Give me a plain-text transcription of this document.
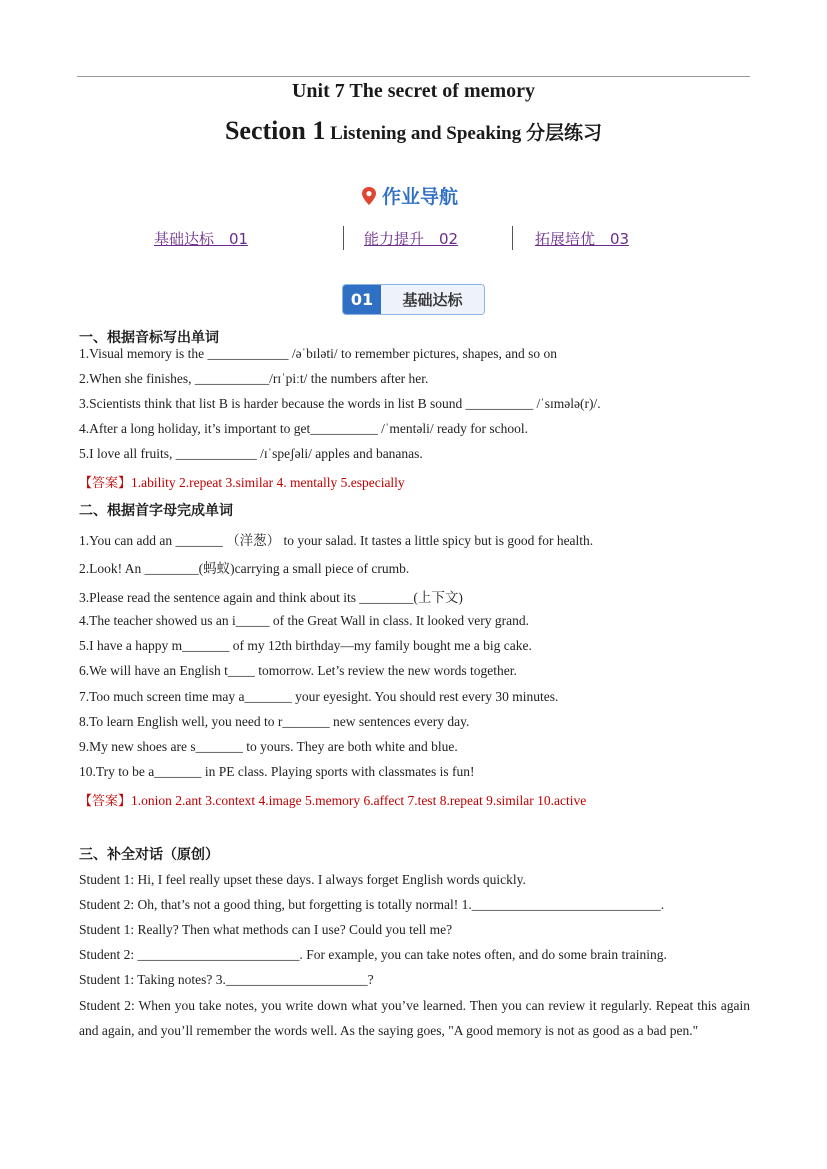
Unit 7 The secret of memory
Section 1 Listening and Speaking 分层练习
作业导航
基础达标　01	能力提升　02	拓展培优　03
01	基础达标
一、根据音标写出单词
1.Visual memory is the ____________ /əˈbɪləti/ to remember pictures, shapes, and so on
2.When she finishes, ___________/rɪˈpiːt/ the numbers after her.
3.Scientists think that list B is harder because the words in list B sound __________ /ˈsɪmələ(r)/.
4.After a long holiday, it’s important to get__________ /ˈmentəli/ ready for school.
5.I love all fruits, ____________ /ɪˈspeʃəli/ apples and bananas.
【答案】1.ability 2.repeat 3.similar 4. mentally 5.especially
二、根据首字母完成单词
1.You can add an _______ （洋葱） to your salad. It tastes a little spicy but is good for health.
2.Look! An ________(蚂蚁)carrying a small piece of crumb.
3.Please read the sentence again and think about its ________(上下文)
4.The teacher showed us an i_____ of the Great Wall in class. It looked very grand.
5.I have a happy m_______ of my 12th birthday—my family bought me a big cake.
6.We will have an English t____ tomorrow. Let’s review the new words together.
7.Too much screen time may a_______ your eyesight. You should rest every 30 minutes.
8.To learn English well, you need to r_______ new sentences every day.
9.My new shoes are s_______ to yours. They are both white and blue.
10.Try to be a_______ in PE class. Playing sports with classmates is fun!
【答案】1.onion 2.ant 3.context 4.image 5.memory 6.affect 7.test 8.repeat 9.similar 10.active
三、补全对话（原创）
Student 1: Hi, I feel really upset these days. I always forget English words quickly.
Student 2: Oh, that’s not a good thing, but forgetting is totally normal! 1.____________________________.
Student 1: Really? Then what methods can I use? Could you tell me?
Student 2: ________________________. For example, you can take notes often, and do some brain training.
Student 1: Taking notes? 3._____________________?
Student 2: When you take notes, you write down what you’ve learned. Then you can review it regularly. Repeat this again and again, and you’ll remember the words well. As the saying goes, "A good memory is not as good as a bad pen."
